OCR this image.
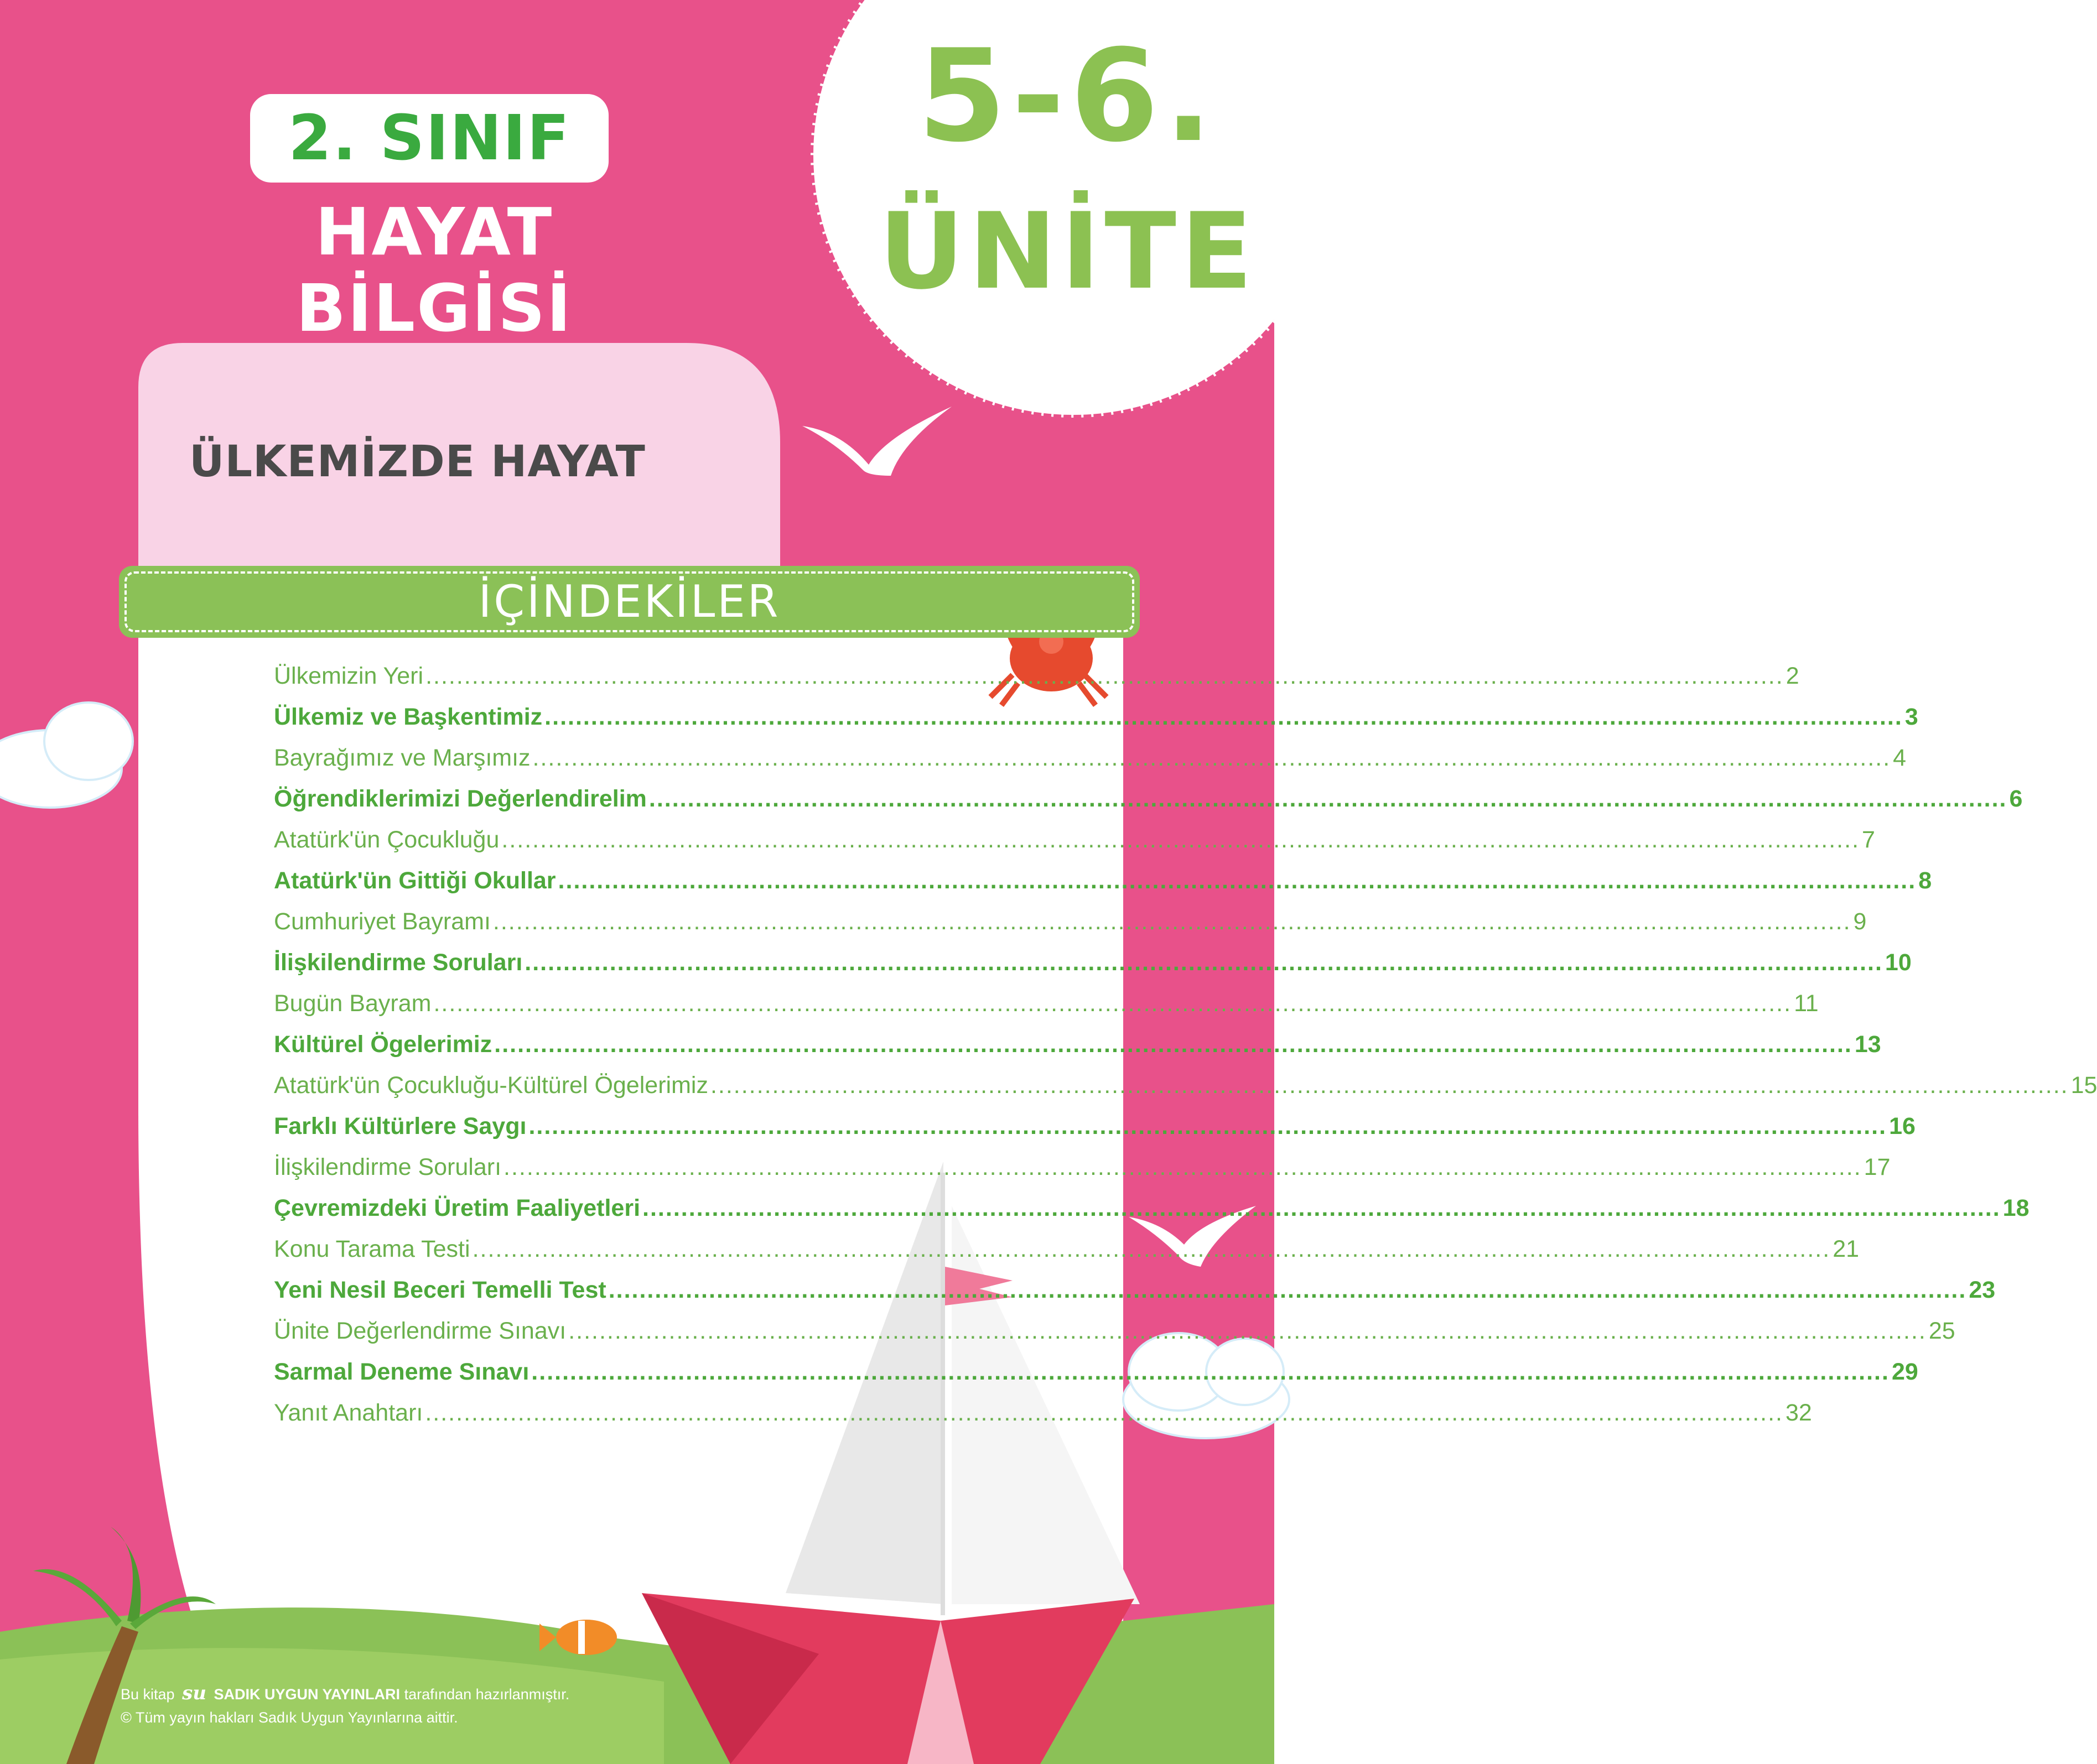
2. SINIF
HAYAT BİLGİSİ
5-6.
ÜNİTE
ÜLKEMİZDE HAYAT
İÇİNDEKİLER
Ülkemizin Yeri ................................................................................................................................................................................ 2
Ülkemiz ve Başkentimiz ................................................................................................................................................................................ 3
Bayrağımız ve Marşımız ................................................................................................................................................................................ 4
Öğrendiklerimizi Değerlendirelim ................................................................................................................................................................................ 6
Atatürk'ün Çocukluğu ................................................................................................................................................................................ 7
Atatürk'ün Gittiği Okullar ................................................................................................................................................................................ 8
Cumhuriyet Bayramı ................................................................................................................................................................................ 9
İlişkilendirme Soruları ................................................................................................................................................................................ 10
Bugün Bayram ................................................................................................................................................................................ 11
Kültürel Ögelerimiz ................................................................................................................................................................................ 13
Atatürk'ün Çocukluğu-Kültürel Ögelerimiz ................................................................................................................................................................................ 15
Farklı Kültürlere Saygı ................................................................................................................................................................................ 16
İlişkilendirme Soruları ................................................................................................................................................................................ 17
Çevremizdeki Üretim Faaliyetleri ................................................................................................................................................................................ 18
Konu Tarama Testi ................................................................................................................................................................................ 21
Yeni Nesil Beceri Temelli Test ................................................................................................................................................................................ 23
Ünite Değerlendirme Sınavı ................................................................................................................................................................................ 25
Sarmal Deneme Sınavı ................................................................................................................................................................................ 29
Yanıt Anahtarı ................................................................................................................................................................................ 32
Bu kitap su SADIK UYGUN YAYINLARI tarafından hazırlanmıştır.
© Tüm yayın hakları Sadık Uygun Yayınlarına aittir.
